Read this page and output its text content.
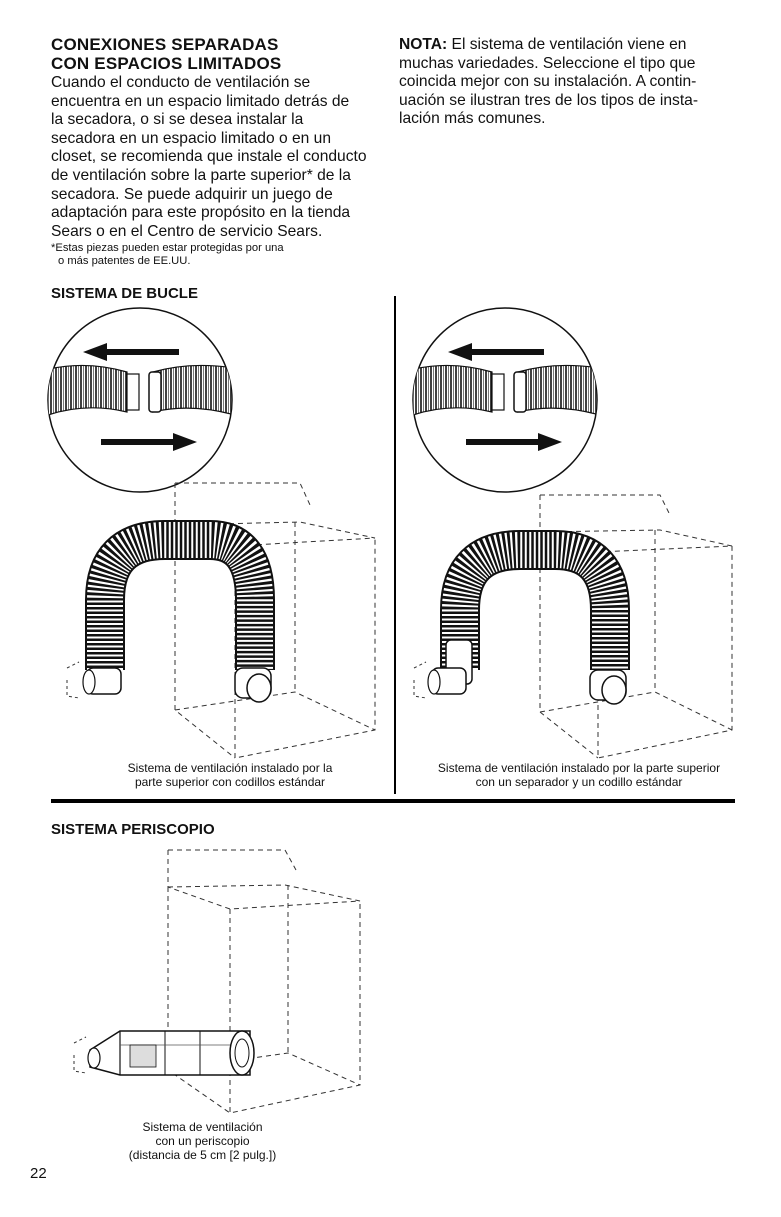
CONEXIONES SEPARADAS
CON ESPACIOS LIMITADOS
Cuando el conducto de ventilación se
encuentra en un espacio limitado detrás de
la secadora, o si se desea instalar la
secadora en un espacio limitado o en un
closet, se recomienda que instale el conducto
de ventilación sobre la parte superior* de la
secadora. Se puede adquirir un juego de
adaptación para este propósito en la tienda
Sears o en el Centro de servicio Sears.
*Estas piezas pueden estar protegidas por una
o más patentes de EE.UU.
NOTA: El sistema de ventilación viene en
muchas variedades. Seleccione el tipo que
coincida mejor con su instalación. A contin-
uación se ilustran tres de los tipos de insta-
lación más comunes.
SISTEMA DE BUCLE
Sistema de ventilación instalado por la
parte superior con codillos estándar
Sistema de ventilación instalado por la parte superior
con un separador y un codillo estándar
SISTEMA PERISCOPIO
Sistema de ventilación
con un periscopio
(distancia de 5 cm [2 pulg.])
22
